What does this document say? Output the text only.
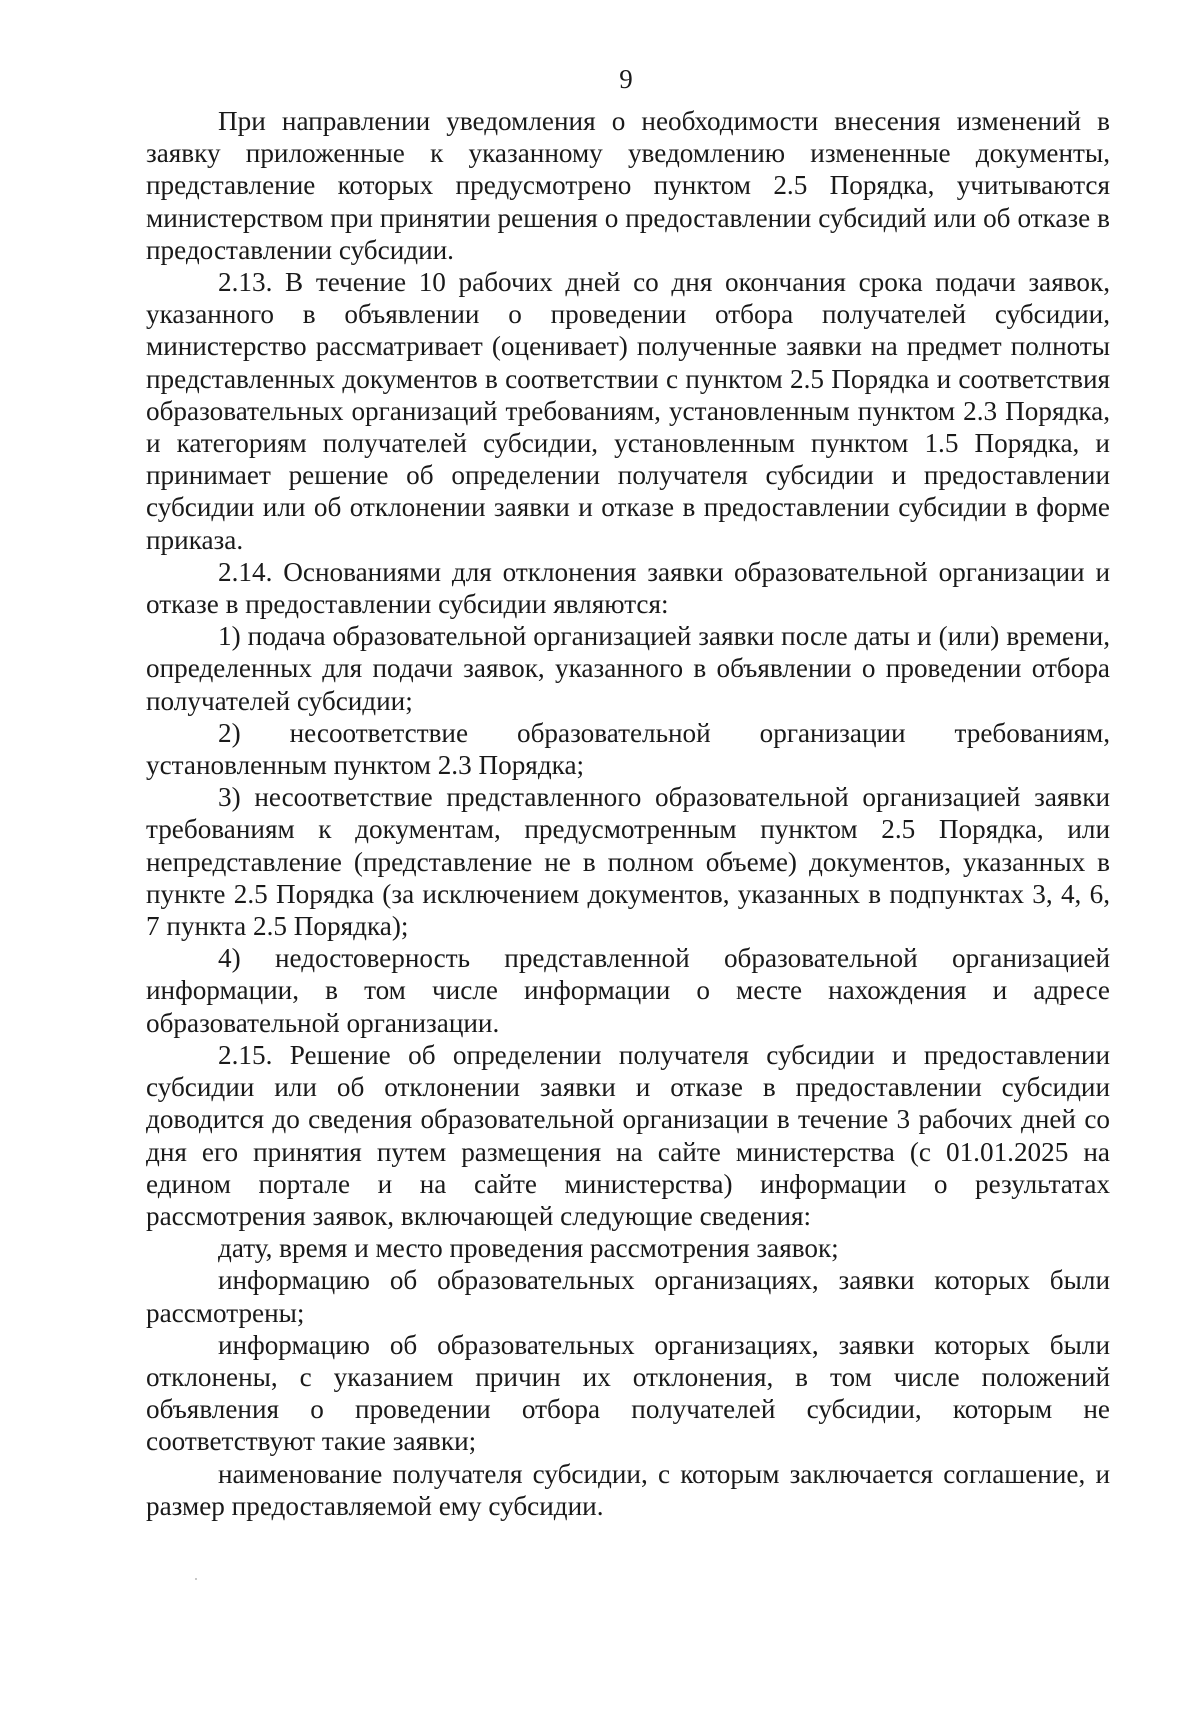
9

При направлении уведомления о необходимости внесения изменений в заявку приложенные к указанному уведомлению измененные документы, представление которых предусмотрено пунктом 2.5 Порядка, учитываются министерством при принятии решения о предоставлении субсидий или об отказе в предоставлении субсидии.

2.13. В течение 10 рабочих дней со дня окончания срока подачи заявок, указанного в объявлении о проведении отбора получателей субсидии, министерство рассматривает (оценивает) полученные заявки на предмет полноты представленных документов в соответствии с пунктом 2.5 Порядка и соответствия образовательных организаций требованиям, установленным пунктом 2.3 Порядка, и категориям получателей субсидии, установленным пунктом 1.5 Порядка, и принимает решение об определении получателя субсидии и предоставлении субсидии или об отклонении заявки и отказе в предоставлении субсидии в форме приказа.

2.14. Основаниями для отклонения заявки образовательной организации и отказе в предоставлении субсидии являются:

1) подача образовательной организацией заявки после даты и (или) времени, определенных для подачи заявок, указанного в объявлении о проведении отбора получателей субсидии;

2) несоответствие образовательной организации требованиям, установленным пунктом 2.3 Порядка;

3) несоответствие представленного образовательной организацией заявки требованиям к документам, предусмотренным пунктом 2.5 Порядка, или непредставление (представление не в полном объеме) документов, указанных в пункте 2.5 Порядка (за исключением документов, указанных в подпунктах 3, 4, 6, 7 пункта 2.5 Порядка);

4) недостоверность представленной образовательной организацией информации, в том числе информации о месте нахождения и адресе образовательной организации.

2.15. Решение об определении получателя субсидии и предоставлении субсидии или об отклонении заявки и отказе в предоставлении субсидии доводится до сведения образовательной организации в течение 3 рабочих дней со дня его принятия путем размещения на сайте министерства (с 01.01.2025 на едином портале и на сайте министерства) информации о результатах рассмотрения заявок, включающей следующие сведения:

дату, время и место проведения рассмотрения заявок;

информацию об образовательных организациях, заявки которых были рассмотрены;

информацию об образовательных организациях, заявки которых были отклонены, с указанием причин их отклонения, в том числе положений объявления о проведении отбора получателей субсидии, которым не соответствуют такие заявки;

наименование получателя субсидии, с которым заключается соглашение, и размер предоставляемой ему субсидии.
